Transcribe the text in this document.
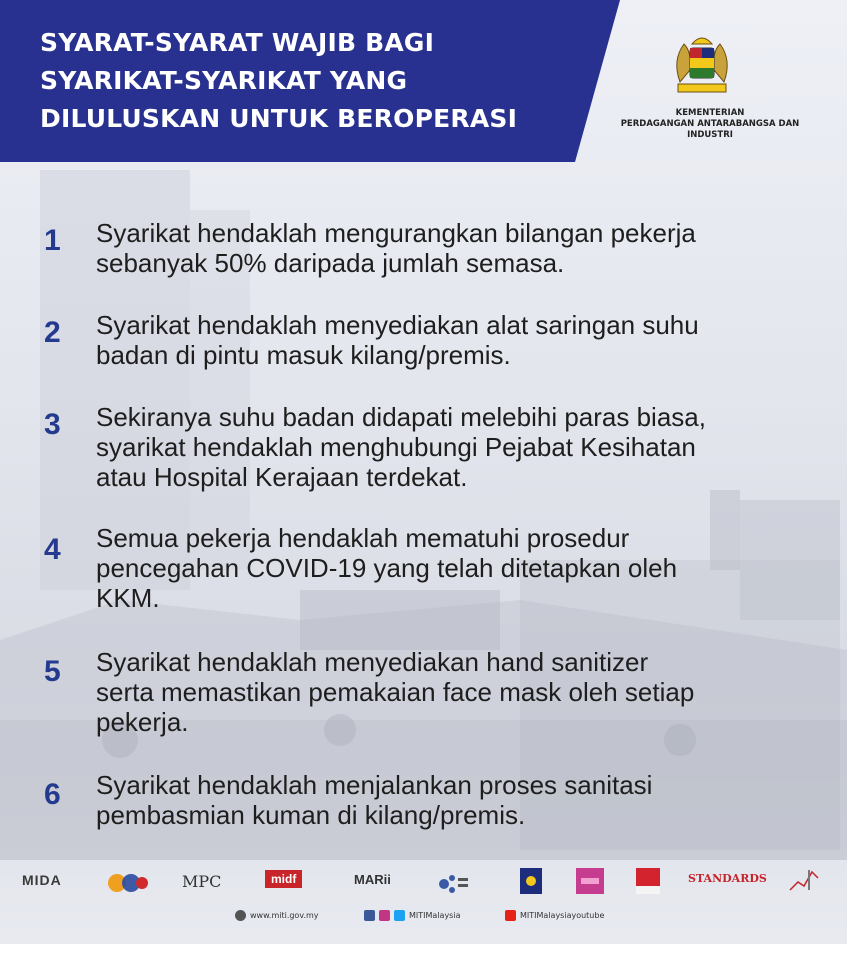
SYARAT-SYARAT WAJIB BAGI
SYARIKAT-SYARIKAT YANG
DILULUSKAN UNTUK BEROPERASI	KEMENTERIAN
PERDAGANGAN ANTARABANGSA DAN INDUSTRI
1	Syarikat hendaklah mengurangkan bilangan pekerja
sebanyak 50% daripada jumlah semasa.
2	Syarikat hendaklah menyediakan alat saringan suhu
badan di pintu masuk kilang/premis.
3	Sekiranya suhu badan didapati melebihi paras biasa,
syarikat hendaklah menghubungi Pejabat Kesihatan
atau Hospital Kerajaan terdekat.
4	Semua pekerja hendaklah mematuhi prosedur
pencegahan COVID-19 yang telah ditetapkan oleh
KKM.
5	Syarikat hendaklah menyediakan hand sanitizer
serta memastikan pemakaian face mask oleh setiap
pekerja.
6	Syarikat hendaklah menjalankan proses sanitasi
pembasmian kuman di kilang/premis.
MIDA	MPC	midf	MARii	STANDARDS
www.miti.gov.my	MITIMalaysia	MITIMalaysiayoutube
